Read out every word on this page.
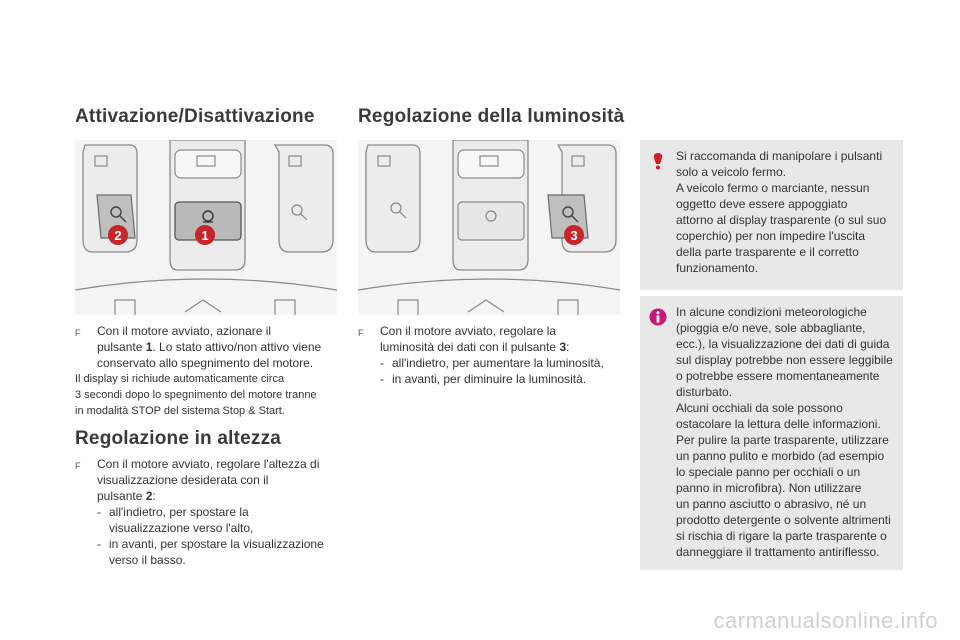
Attivazione/Disattivazione Regolazione della luminosità
Regolazione in altezza
2	1	3
F	Con il motore avviato, azionare il
pulsante 1. Lo stato attivo/non attivo viene
conservato allo spegnimento del motore.
Il display si richiude automaticamente circa
3 secondi dopo lo spegnimento del motore tranne
in modalità STOP del sistema Stop & Start.
F	Con il motore avviato, regolare l'altezza di
visualizzazione desiderata con il
pulsante 2:
- all'indietro, per spostare la
visualizzazione verso l'alto,
- in avanti, per spostare la visualizzazione
verso il basso.
F	Con il motore avviato, regolare la
luminosità dei dati con il pulsante 3:
- all'indietro, per aumentare la luminosità,
- in avanti, per diminuire la luminosità.
Si raccomanda di manipolare i pulsanti
solo a veicolo fermo.
A veicolo fermo o marciante, nessun
oggetto deve essere appoggiato
attorno al display trasparente (o sul suo
coperchio) per non impedire l'uscita
della parte trasparente e il corretto
funzionamento.
In alcune condizioni meteorologiche
(pioggia e/o neve, sole abbagliante,
ecc.), la visualizzazione dei dati di guida
sul display potrebbe non essere leggibile
o potrebbe essere momentaneamente
disturbato.
Alcuni occhiali da sole possono
ostacolare la lettura delle informazioni.
Per pulire la parte trasparente, utilizzare
un panno pulito e morbido (ad esempio
lo speciale panno per occhiali o un
panno in microfibra). Non utilizzare
un panno asciutto o abrasivo, né un
prodotto detergente o solvente altrimenti
si rischia di rigare la parte trasparente o
danneggiare il trattamento antiriflesso.
carmanualsonline.info
